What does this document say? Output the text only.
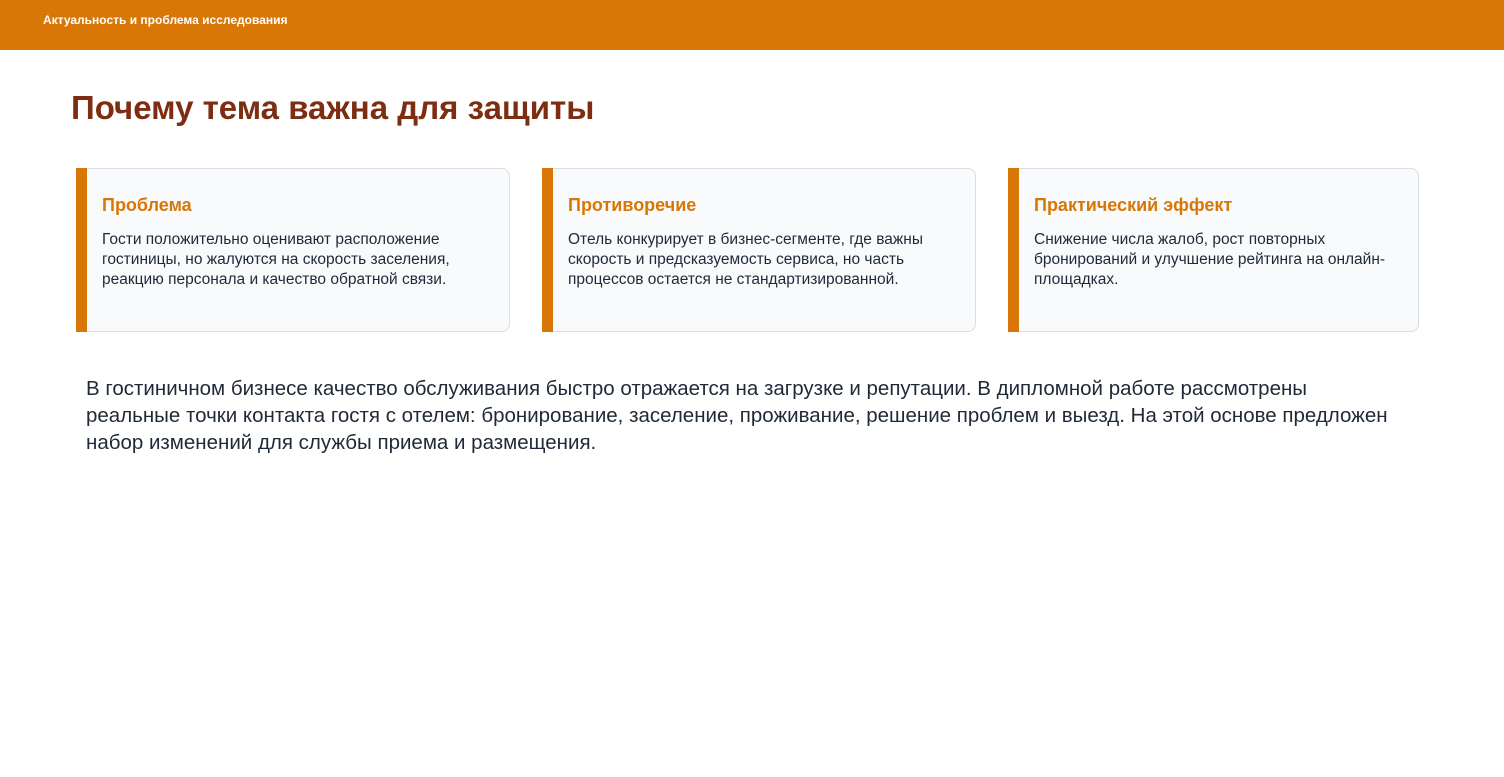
Актуальность и проблема исследования
Почему тема важна для защиты
Проблема
Гости положительно оценивают расположение гостиницы, но жалуются на скорость заселения, реакцию персонала и качество обратной связи.
Противоречие
Отель конкурирует в бизнес-сегменте, где важны скорость и предсказуемость сервиса, но часть процессов остается не стандартизированной.
Практический эффект
Снижение числа жалоб, рост повторных бронирований и улучшение рейтинга на онлайн-площадках.

В гостиничном бизнесе качество обслуживания быстро отражается на загрузке и репутации. В дипломной работе рассмотрены реальные точки контакта гостя с отелем: бронирование, заселение, проживание, решение проблем и выезд. На этой основе предложен набор изменений для службы приема и размещения.
